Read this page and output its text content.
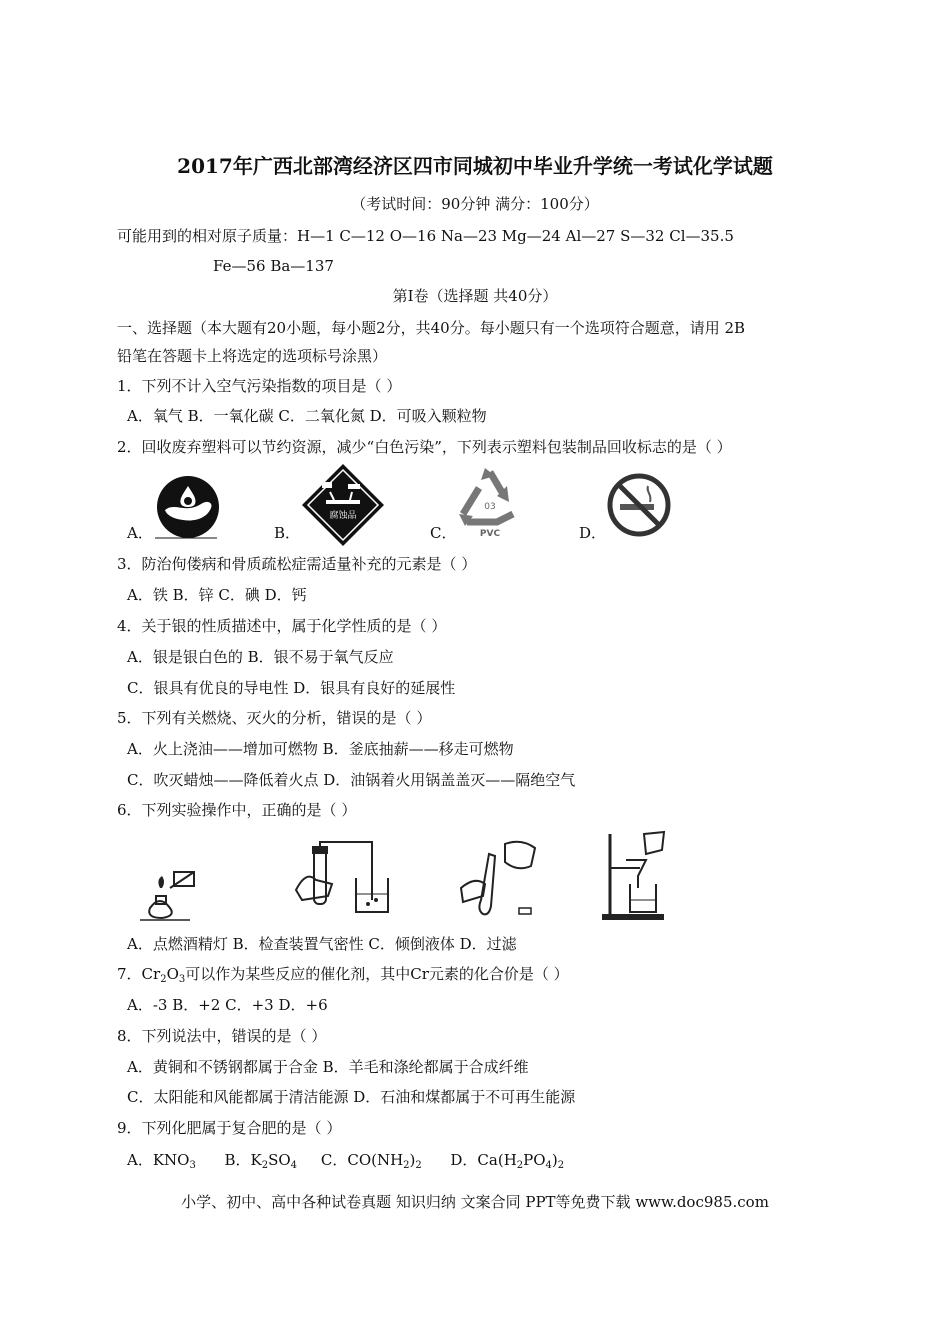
2017年广西北部湾经济区四市同城初中毕业升学统一考试化学试题
（考试时间：90分钟 满分：100分）
可能用到的相对原子质量：H—1 C—12 O—16 Na—23 Mg—24 Al—27 S—32 Cl—35.5
Fe—56 Ba—137
第Ⅰ卷（选择题 共40分）
一、选择题（本大题有20小题，每小题2分，共40分。每小题只有一个选项符合题意，请用 2B
铅笔在答题卡上将选定的选项标号涂黑）
1．下列不计入空气污染指数的项目是（ ）
A．氧气 B．一氧化碳 C．二氧化氮 D．可吸入颗粒物
2．回收废弃塑料可以节约资源，减少“白色污染”，下列表示塑料包装制品回收标志的是（ ）
A．	B．
腐蚀品
C．
03
PVC	D．
3．防治佝偻病和骨质疏松症需适量补充的元素是（ ）
A．铁 B．锌 C．碘 D．钙
4．关于银的性质描述中，属于化学性质的是（ ）
A．银是银白色的 B．银不易于氧气反应
C．银具有优良的导电性 D．银具有良好的延展性
5．下列有关燃烧、灭火的分析，错误的是（ ）
A．火上浇油——增加可燃物 B．釜底抽薪——移走可燃物
C．吹灭蜡烛——降低着火点 D．油锅着火用锅盖盖灭——隔绝空气
6．下列实验操作中，正确的是（ ）
A．点燃酒精灯 B．检查装置气密性 C．倾倒液体 D．过滤
7．$Cr_2O_3$可以作为某些反应的催化剂，其中Cr元素的化合价是（ ）
A．-3 B．+2 C．+3 D．+6
8．下列说法中，错误的是（ ）
A．黄铜和不锈钢都属于合金 B．羊毛和涤纶都属于合成纤维
C．太阳能和风能都属于清洁能源 D．石油和煤都属于不可再生能源
9．下列化肥属于复合肥的是（ ）
A．$KNO_3$ B．$K_2SO_4$ C．$CO(NH_2)_2$ D．$Ca(H_2PO_4)_2$
小学、初中、高中各种试卷真题 知识归纳 文案合同 PPT等免费下载 www.doc985.com
